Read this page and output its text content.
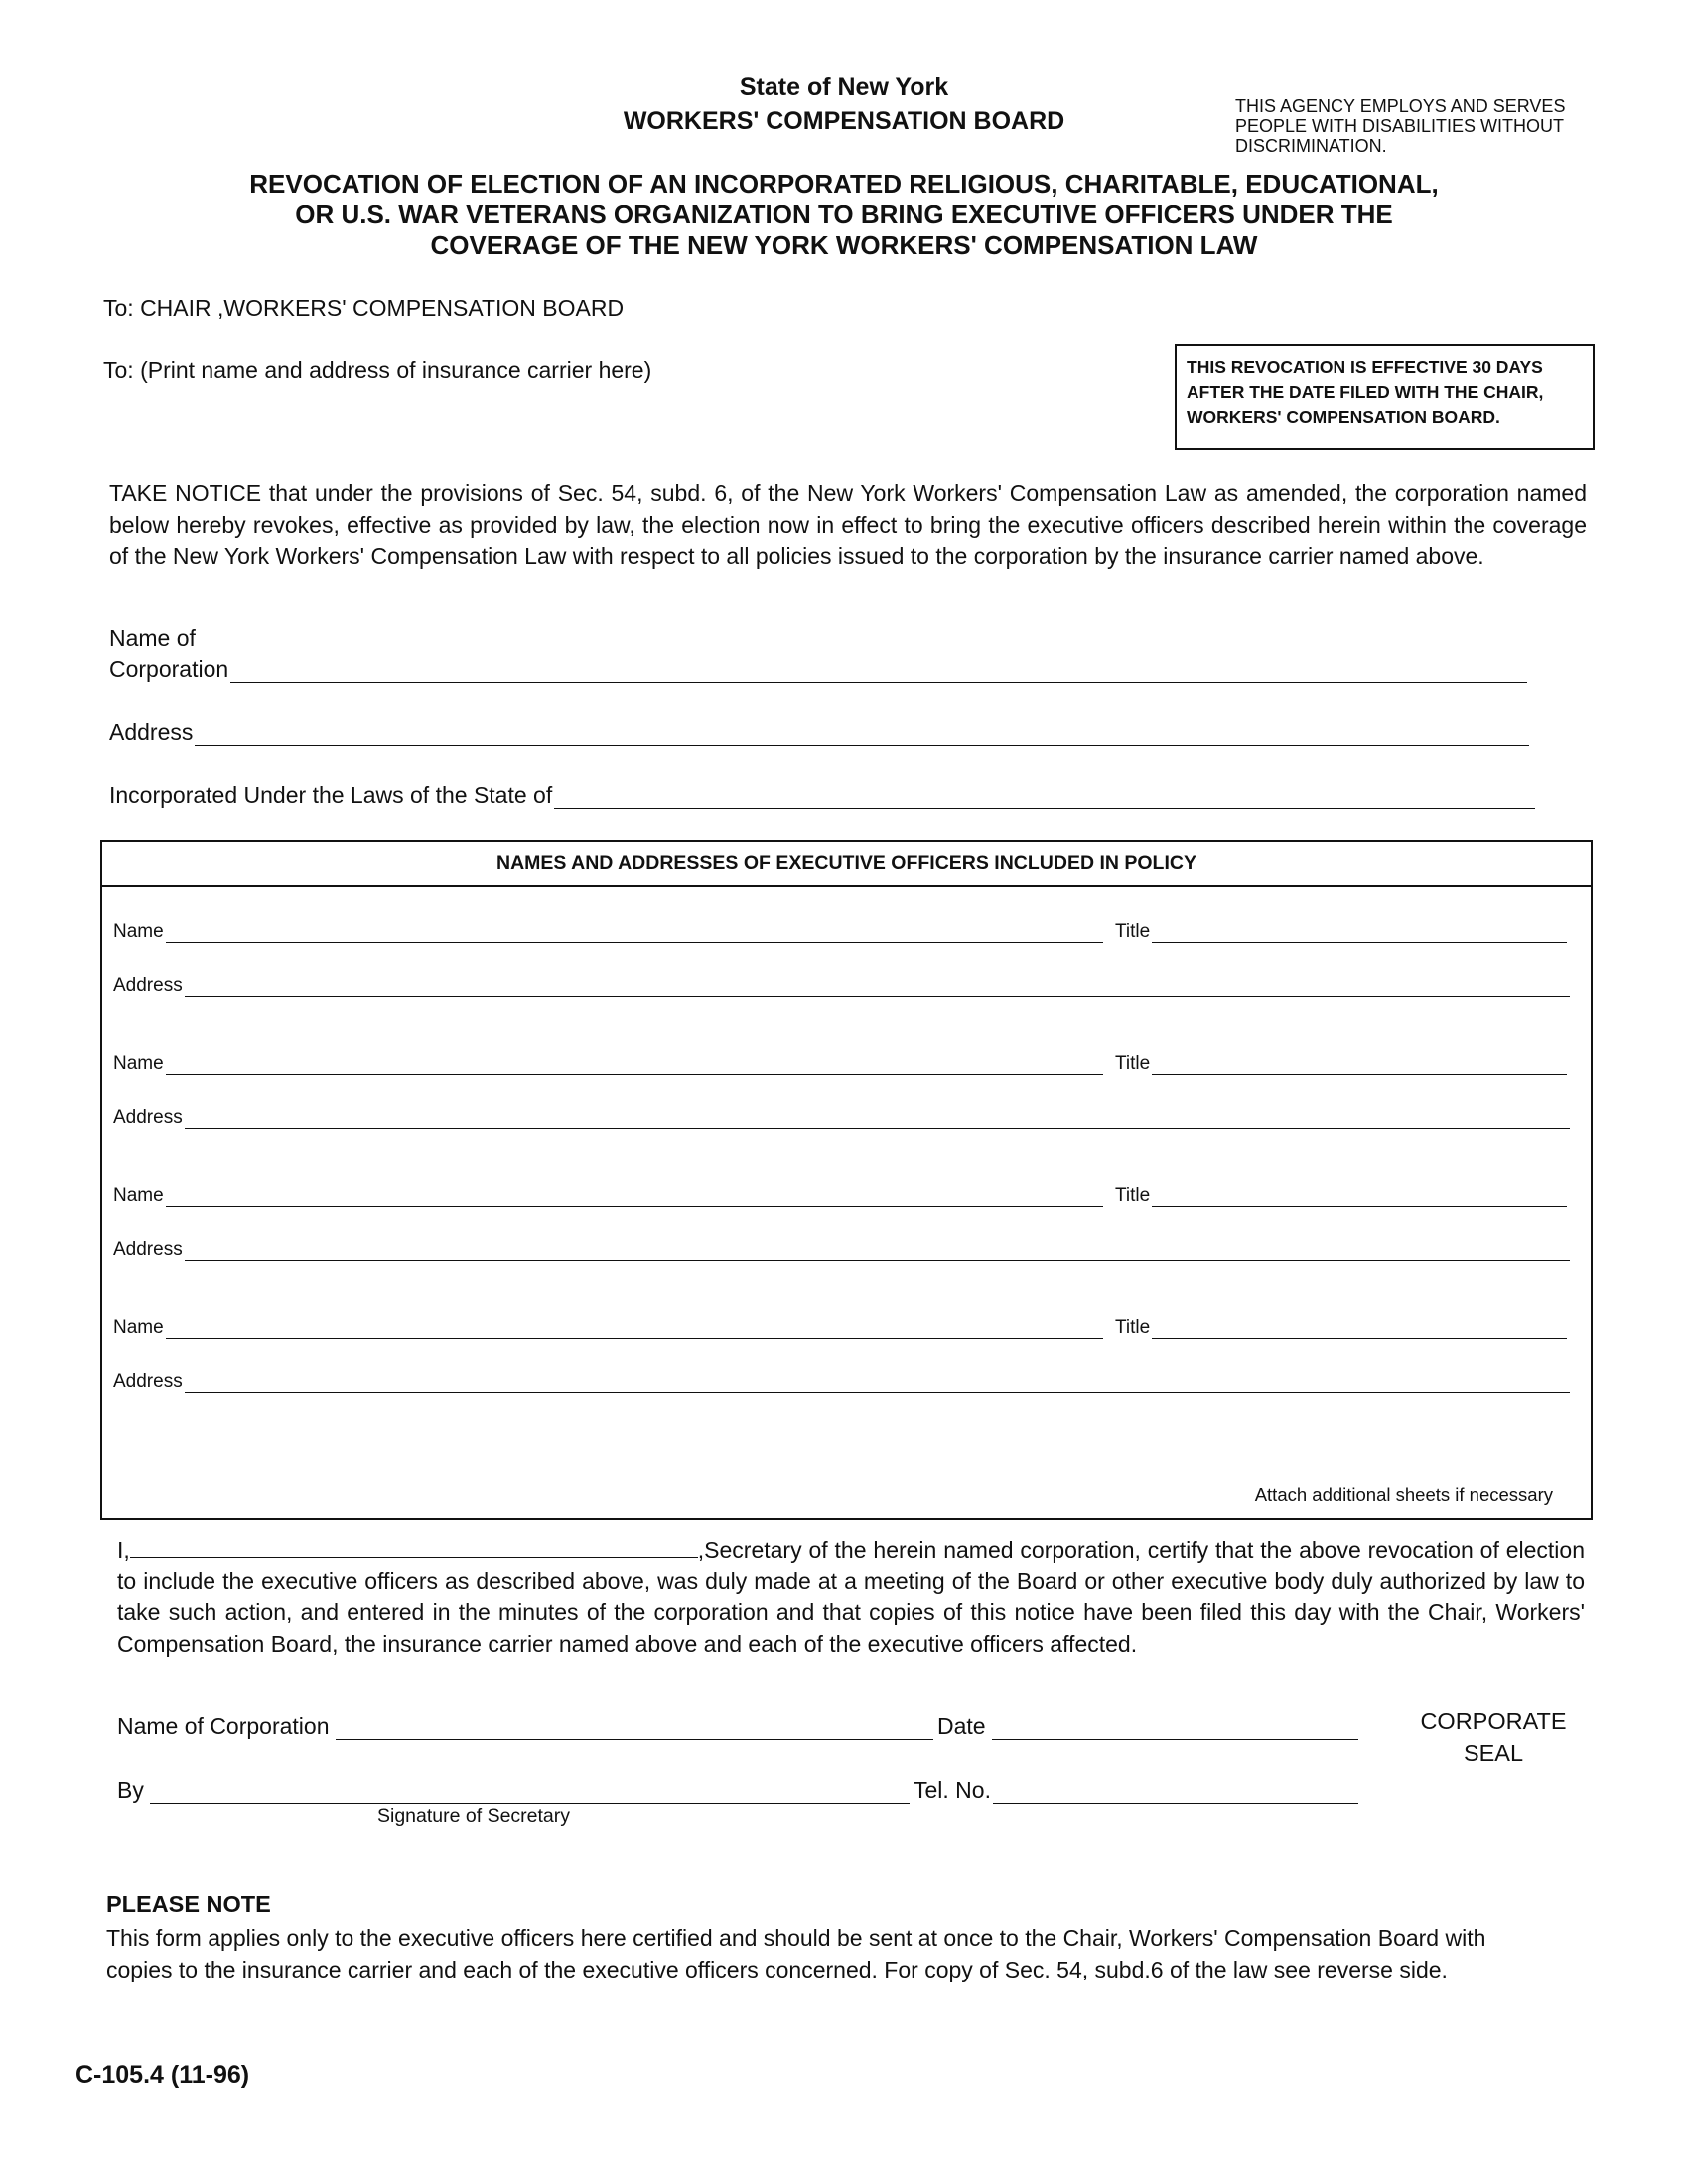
State of New York
WORKERS' COMPENSATION BOARD
THIS AGENCY EMPLOYS AND SERVES
PEOPLE WITH DISABILITIES WITHOUT
DISCRIMINATION.
REVOCATION OF ELECTION OF AN INCORPORATED RELIGIOUS, CHARITABLE, EDUCATIONAL,
OR U.S. WAR VETERANS ORGANIZATION TO BRING EXECUTIVE OFFICERS UNDER THE
COVERAGE OF THE NEW YORK WORKERS' COMPENSATION LAW
To: CHAIR ,WORKERS' COMPENSATION BOARD
To: (Print name and address of insurance carrier here)	THIS REVOCATION IS EFFECTIVE 30 DAYS
AFTER THE DATE FILED WITH THE CHAIR,
WORKERS' COMPENSATION BOARD.
TAKE NOTICE that under the provisions of Sec. 54, subd. 6, of the New York Workers' Compensation Law as amended, the corporation named below hereby revokes, effective as provided by law, the election now in effect to bring the executive officers described herein within the coverage of the New York Workers' Compensation Law with respect to all policies issued to the corporation by the insurance carrier named above.
Name of
Corporation
Address
Incorporated Under the Laws of the State of
NAMES AND ADDRESSES OF EXECUTIVE OFFICERS INCLUDED IN POLICY
Name	Title
Address
Name	Title
Address
Name	Title
Address
Name	Title
Address
Attach additional sheets if necessary
I,	,Secretary of the herein named corporation, certify that the above revocation of election to include the executive officers as described above, was duly made at a meeting of the Board or other executive body duly authorized by law to take such action, and entered in the minutes of the corporation and that copies of this notice have been filed this day with the Chair, Workers' Compensation Board, the insurance carrier named above and each of the executive officers affected.
Name of Corporation	Date	CORPORATE
SEAL
By	Tel. No.
Signature of Secretary
PLEASE NOTE
This form applies only to the executive officers here certified and should be sent at once to the Chair, Workers' Compensation Board with
copies to the insurance carrier and each of the executive officers concerned. For copy of Sec. 54, subd.6 of the law see reverse side.
C-105.4 (11-96)
